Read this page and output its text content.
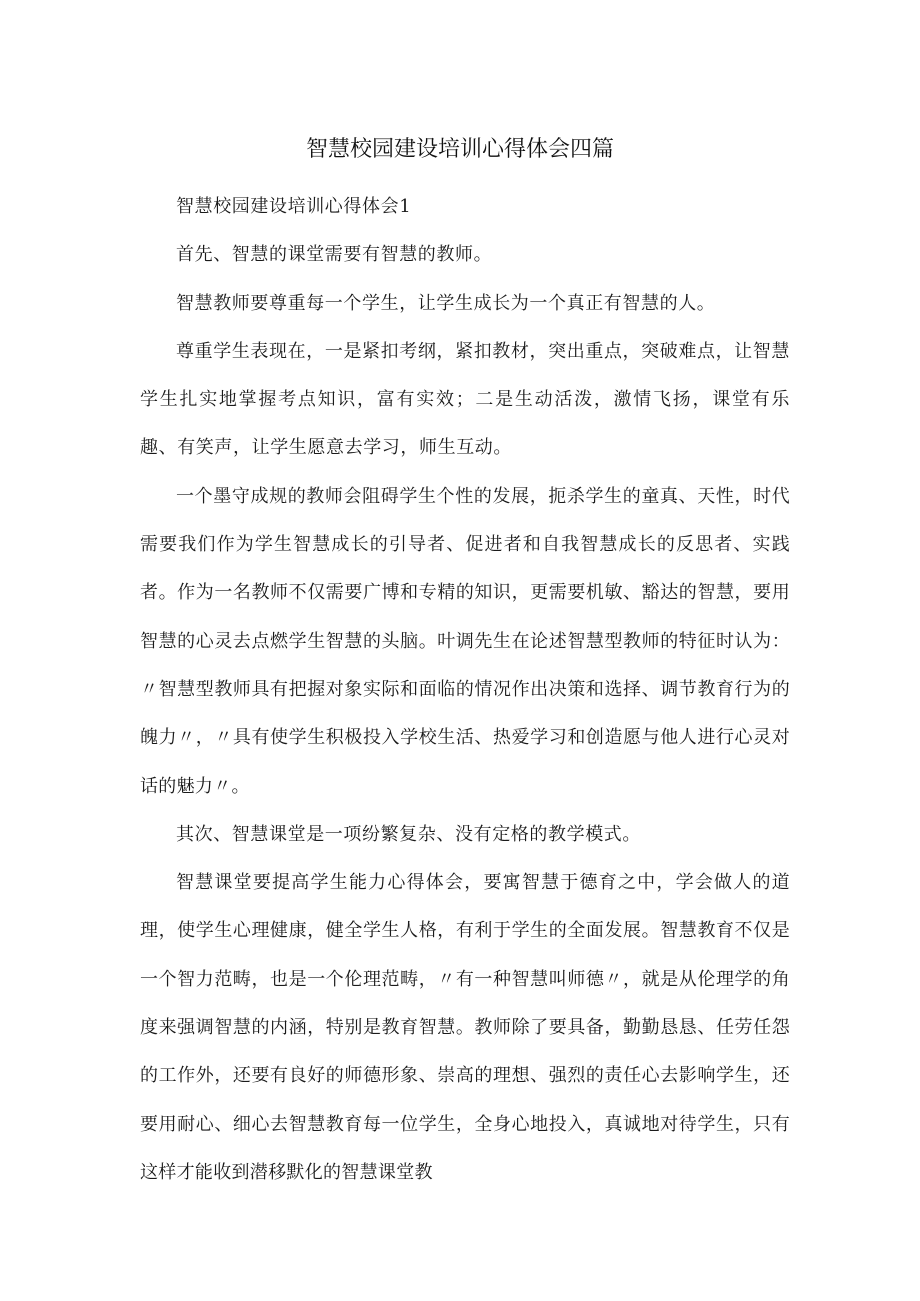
智慧校园建设培训心得体会四篇

智慧校园建设培训心得体会1

首先、智慧的课堂需要有智慧的教师。

智慧教师要尊重每一个学生，让学生成长为一个真正有智慧的人。

尊重学生表现在，一是紧扣考纲，紧扣教材，突出重点，突破难点，让智慧学生扎实地掌握考点知识，富有实效；二是生动活泼，激情飞扬，课堂有乐趣、有笑声，让学生愿意去学习，师生互动。

一个墨守成规的教师会阻碍学生个性的发展，扼杀学生的童真、天性，时代需要我们作为学生智慧成长的引导者、促进者和自我智慧成长的反思者、实践者。作为一名教师不仅需要广博和专精的知识，更需要机敏、豁达的智慧，要用智慧的心灵去点燃学生智慧的头脑。叶调先生在论述智慧型教师的特征时认为：〃智慧型教师具有把握对象实际和面临的情况作出决策和选择、调节教育行为的魄力〃，〃具有使学生积极投入学校生活、热爱学习和创造愿与他人进行心灵对话的魅力〃。

其次、智慧课堂是一项纷繁复杂、没有定格的教学模式。

智慧课堂要提高学生能力心得体会，要寓智慧于德育之中，学会做人的道理，使学生心理健康，健全学生人格，有利于学生的全面发展。智慧教育不仅是一个智力范畴，也是一个伦理范畴，〃有一种智慧叫师德〃，就是从伦理学的角度来强调智慧的内涵，特别是教育智慧。教师除了要具备，勤勤恳恳、任劳任怨的工作外，还要有良好的师德形象、崇高的理想、强烈的责任心去影响学生，还要用耐心、细心去智慧教育每一位学生，全身心地投入，真诚地对待学生，只有这样才能收到潜移默化的智慧课堂教
